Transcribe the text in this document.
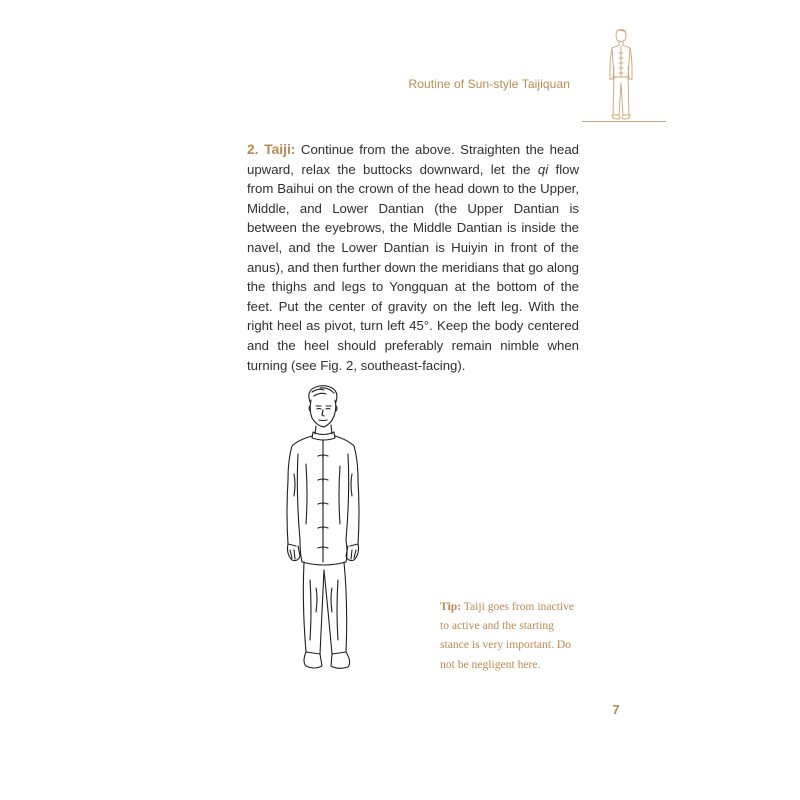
Routine of Sun-style Taijiquan
2. Taiji: Continue from the above. Straighten the head upward, relax the buttocks downward, let the qi flow from Baihui on the crown of the head down to the Upper, Middle, and Lower Dantian (the Upper Dantian is between the eyebrows, the Middle Dantian is inside the navel, and the Lower Dantian is Huiyin in front of the anus), and then further down the meridians that go along the thighs and legs to Yongquan at the bottom of the feet. Put the center of gravity on the left leg. With the right heel as pivot, turn left 45°. Keep the body centered and the heel should preferably remain nimble when turning (see Fig. 2, southeast-facing).
Tip: Taiji goes from inactive to active and the starting stance is very important. Do not be negligent here.
7
